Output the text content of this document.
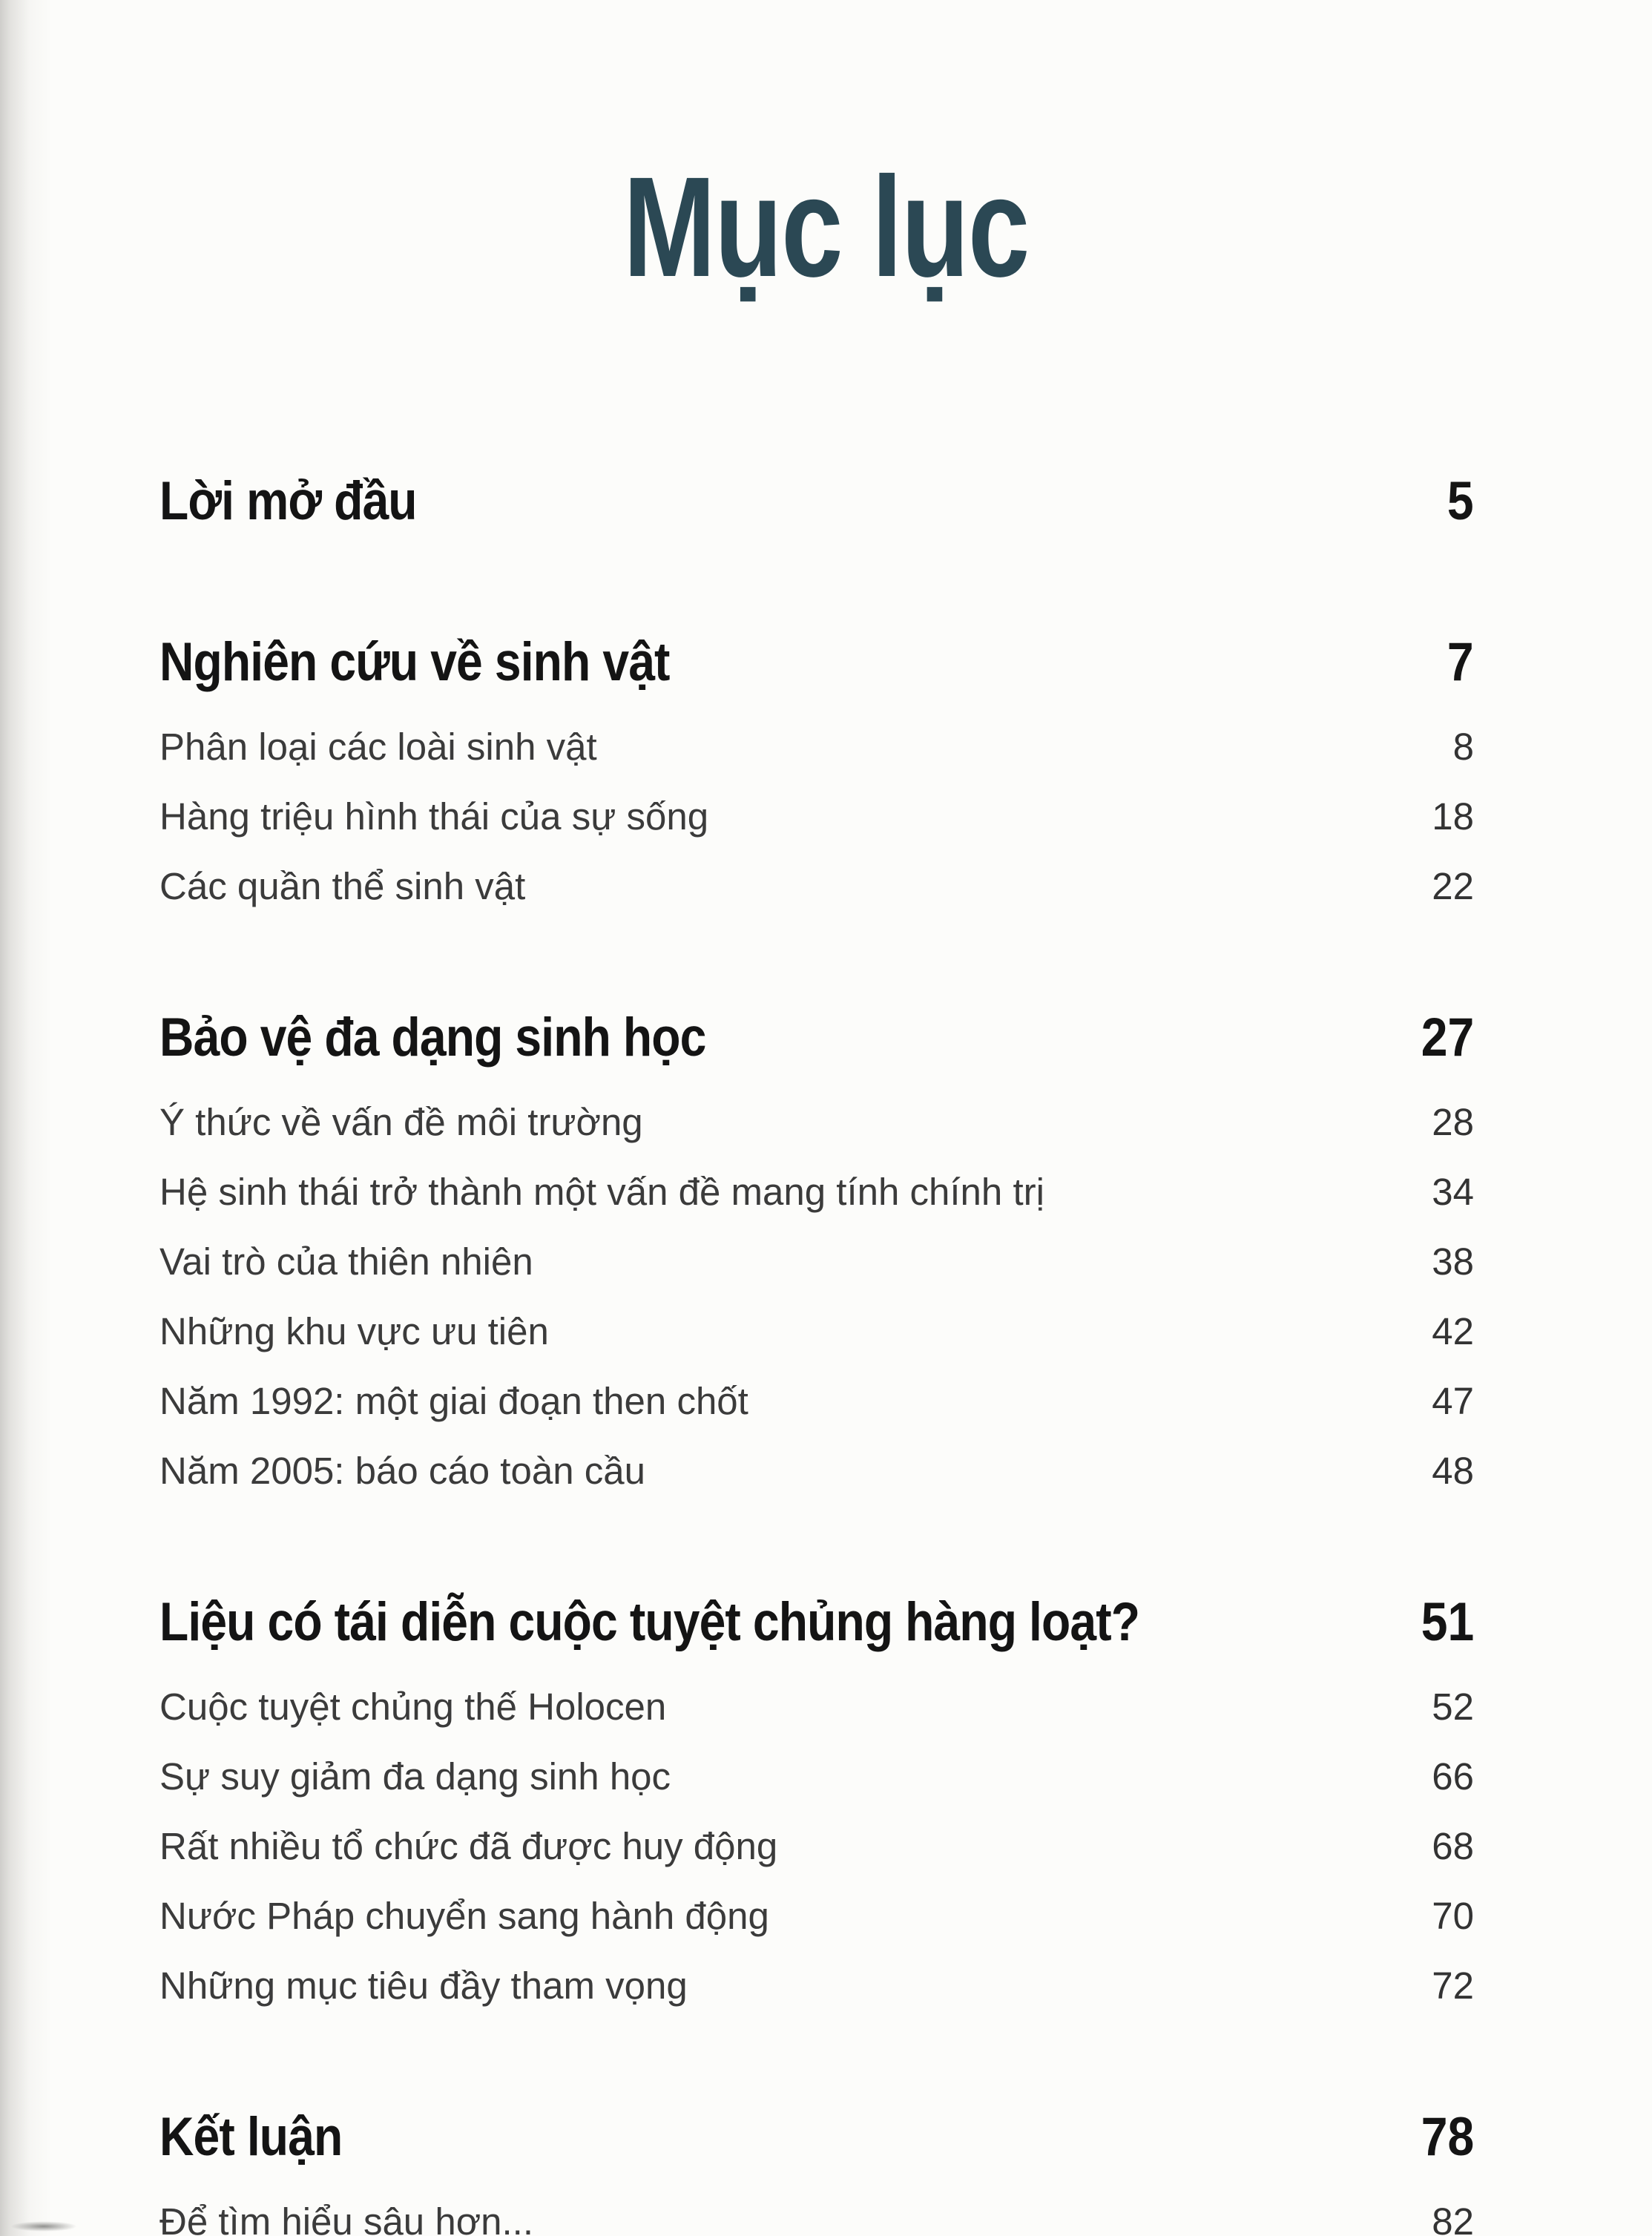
Mục lục
Lời mở đầu	5
Nghiên cứu về sinh vật	7
Phân loại các loài sinh vật	8
Hàng triệu hình thái của sự sống	18
Các quần thể sinh vật	22
Bảo vệ đa dạng sinh học	27
Ý thức về vấn đề môi trường	28
Hệ sinh thái trở thành một vấn đề mang tính chính trị	34
Vai trò của thiên nhiên	38
Những khu vực ưu tiên	42
Năm 1992: một giai đoạn then chốt	47
Năm 2005: báo cáo toàn cầu	48
Liệu có tái diễn cuộc tuyệt chủng hàng loạt?	51
Cuộc tuyệt chủng thế Holocen	52
Sự suy giảm đa dạng sinh học	66
Rất nhiều tổ chức đã được huy động	68
Nước Pháp chuyển sang hành động	70
Những mục tiêu đầy tham vọng	72
Kết luận	78
Để tìm hiểu sâu hơn...	82
